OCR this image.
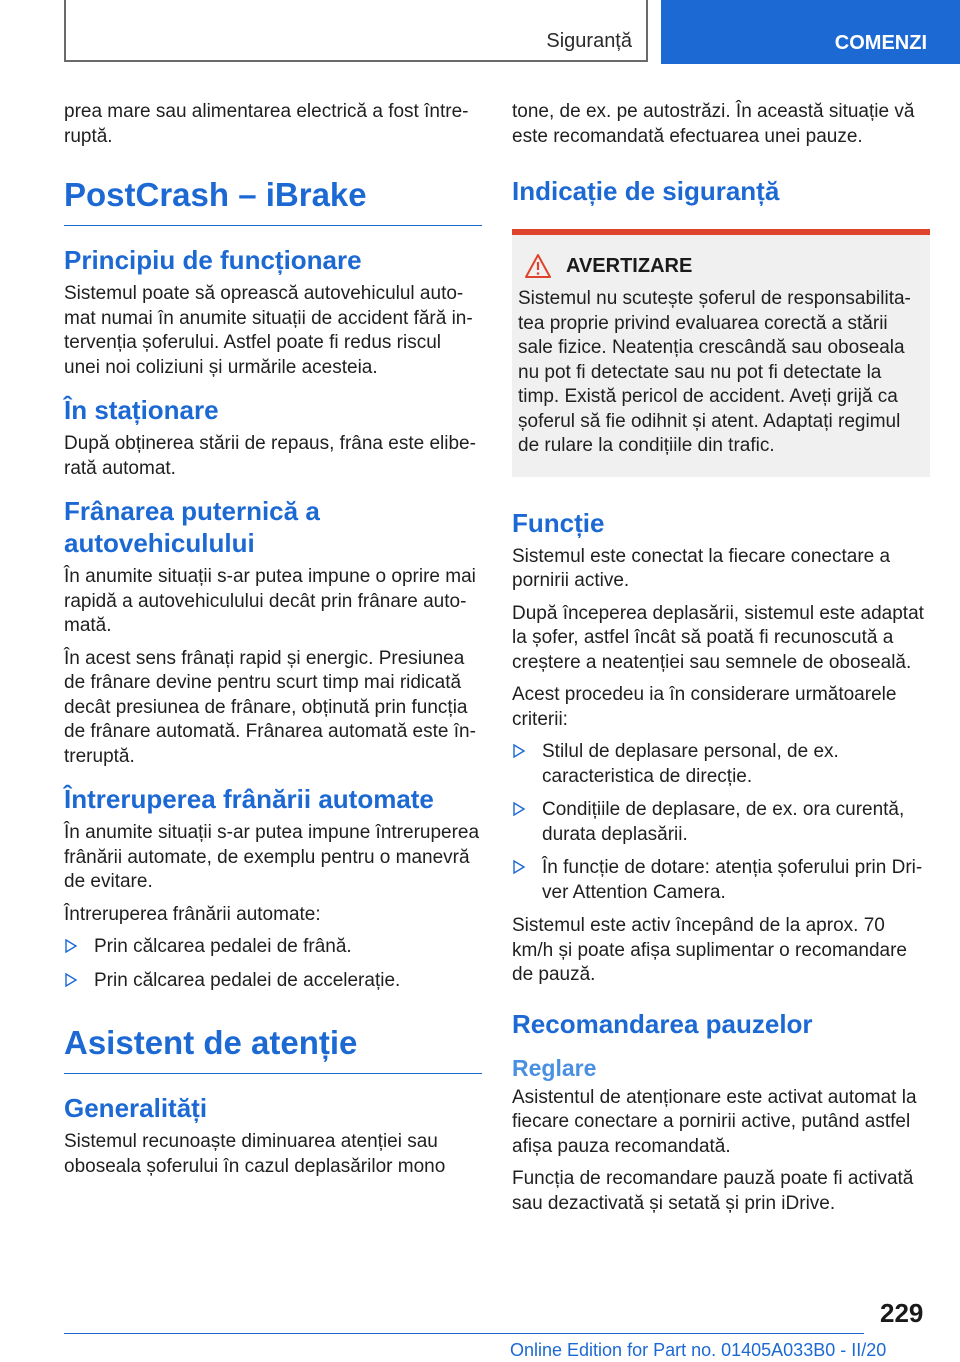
Siguranță	COMENZI

prea mare sau alimentarea electrică a fost întreruptă.

PostCrash – iBrake
Principiu de funcționare

Sistemul poate să oprească autovehiculul automat numai în anumite situații de accident fără intervenția șoferului. Astfel poate fi redus riscul unei noi coliziuni și urmările acesteia.

În staționare

După obținerea stării de repaus, frâna este eliberată automat.

Frânarea puternică a autovehiculului

În anumite situații s-ar putea impune o oprire mai rapidă a autovehiculului decât prin frânare automată.

În acest sens frânați rapid și energic. Presiunea de frânare devine pentru scurt timp mai ridicată decât presiunea de frânare, obținută prin funcția de frânare automată. Frânarea automată este întreruptă.

Întreruperea frânării automate

În anumite situații s-ar putea impune întreruperea frânării automate, de exemplu pentru o manevră de evitare.

Întreruperea frânării automate:

Prin călcarea pedalei de frână.
Prin călcarea pedalei de accelerație.
Asistent de atenție
Generalități

Sistemul recunoaște diminuarea atenției sau oboseala șoferului în cazul deplasărilor mono

tone, de ex. pe autostrăzi. În această situație vă este recomandată efectuarea unei pauze.

Indicație de siguranță
AVERTIZARE

Sistemul nu scutește șoferul de responsabilitatea proprie privind evaluarea corectă a stării sale fizice. Neatenția crescândă sau oboseala nu pot fi detectate sau nu pot fi detectate la timp. Există pericol de accident. Aveți grijă ca șoferul să fie odihnit și atent. Adaptați regimul de rulare la condițiile din trafic.

Funcție

Sistemul este conectat la fiecare conectare a pornirii active.

După începerea deplasării, sistemul este adaptat la șofer, astfel încât să poată fi recunoscută a creștere a neatenției sau semnele de oboseală.

Acest procedeu ia în considerare următoarele criterii:

Stilul de deplasare personal, de ex. caracteristica de direcție.
Condițiile de deplasare, de ex. ora curentă, durata deplasării.
În funcție de dotare: atenția șoferului prin Driver Attention Camera.

Sistemul este activ începând de la aprox. 70 km/h și poate afișa suplimentar o recomandare de pauză.

Recomandarea pauzelor
Reglare

Asistentul de atenționare este activat automat la fiecare conectare a pornirii active, putând astfel afișa pauza recomandată.

Funcția de recomandare pauză poate fi activată sau dezactivată și setată și prin iDrive.

229
Online Edition for Part no. 01405A033B0 - II/20
